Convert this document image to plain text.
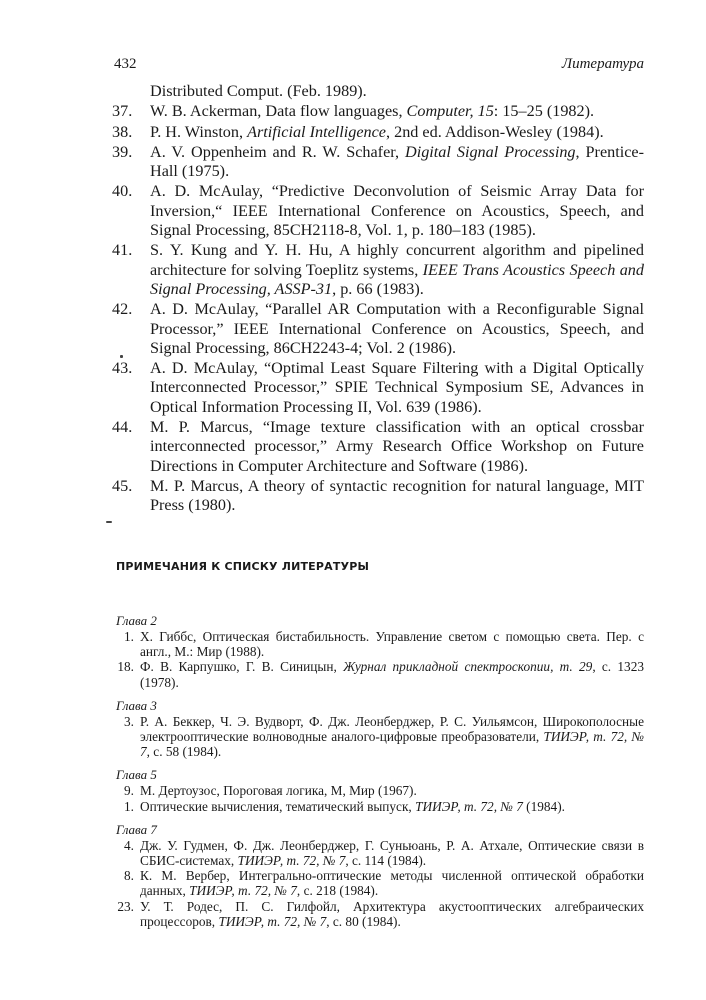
432	Литература
Distributed Comput. (Feb. 1989).
37.	W. B. Ackerman, Data flow languages, Computer, 15: 15–25 (1982).
38.	P. H. Winston, Artificial Intelligence, 2nd ed. Addison-Wesley (1984).
39.	A. V. Oppenheim and R. W. Schafer, Digital Signal Processing, Prentice-Hall (1975).
40.	A. D. McAulay, “Predictive Deconvolution of Seismic Array Data for Inversion,“ IEEE International Conference on Acoustics, Speech, and Signal Processing, 85CH2118-8, Vol. 1, p. 180–183 (1985).
41.	S. Y. Kung and Y. H. Hu, A highly concurrent algorithm and pipelined architecture for solving Toeplitz systems, IEEE Trans Acoustics Speech and Signal Processing, ASSP-31, p. 66 (1983).
42.	A. D. McAulay, “Parallel AR Computation with a Reconfigurable Signal Processor,” IEEE International Conference on Acoustics, Speech, and Signal Processing, 86CH2243-4; Vol. 2 (1986).
43.	A. D. McAulay, “Optimal Least Square Filtering with a Digital Optically Interconnected Processor,” SPIE Technical Symposium SE, Advances in Optical Information Processing II, Vol. 639 (1986).
44.	M. P. Marcus, “Image texture classification with an optical crossbar interconnected processor,” Army Research Office Workshop on Future Directions in Computer Architecture and Software (1986).
45.	M. P. Marcus, A theory of syntactic recognition for natural language, MIT Press (1980).
ПРИМЕЧАНИЯ К СПИСКУ ЛИТЕРАТУРЫ
Глава 2
1. Х. Гиббс, Оптическая бистабильность. Управление светом с помощью света. Пер. с англ., М.: Мир (1988).
18. Ф. В. Карпушко, Г. В. Синицын, Журнал прикладной спектроскопии, т. 29, с. 1323 (1978).
Глава 3
3. Р. А. Беккер, Ч. Э. Вудворт, Ф. Дж. Леонберджер, Р. С. Уильямсон, Широкополосные электрооптические волноводные аналого-цифровые преобразователи, ТИИЭР, т. 72, № 7, с. 58 (1984).
Глава 5
9. М. Дертоузос, Пороговая логика, М, Мир (1967).
1. Оптические вычисления, тематический выпуск, ТИИЭР, т. 72, № 7 (1984).
Глава 7
4. Дж. У. Гудмен, Ф. Дж. Леонберджер, Г. Суньюань, Р. А. Атхале, Оптические связи в СБИС-системах, ТИИЭР, т. 72, № 7, с. 114 (1984).
8. К. М. Вербер, Интегрально-оптические методы численной оптической обработки данных, ТИИЭР, т. 72, № 7, с. 218 (1984).
23. У. Т. Родес, П. С. Гилфойл, Архитектура акустооптических алгебраических процессоров, ТИИЭР, т. 72, № 7, с. 80 (1984).
